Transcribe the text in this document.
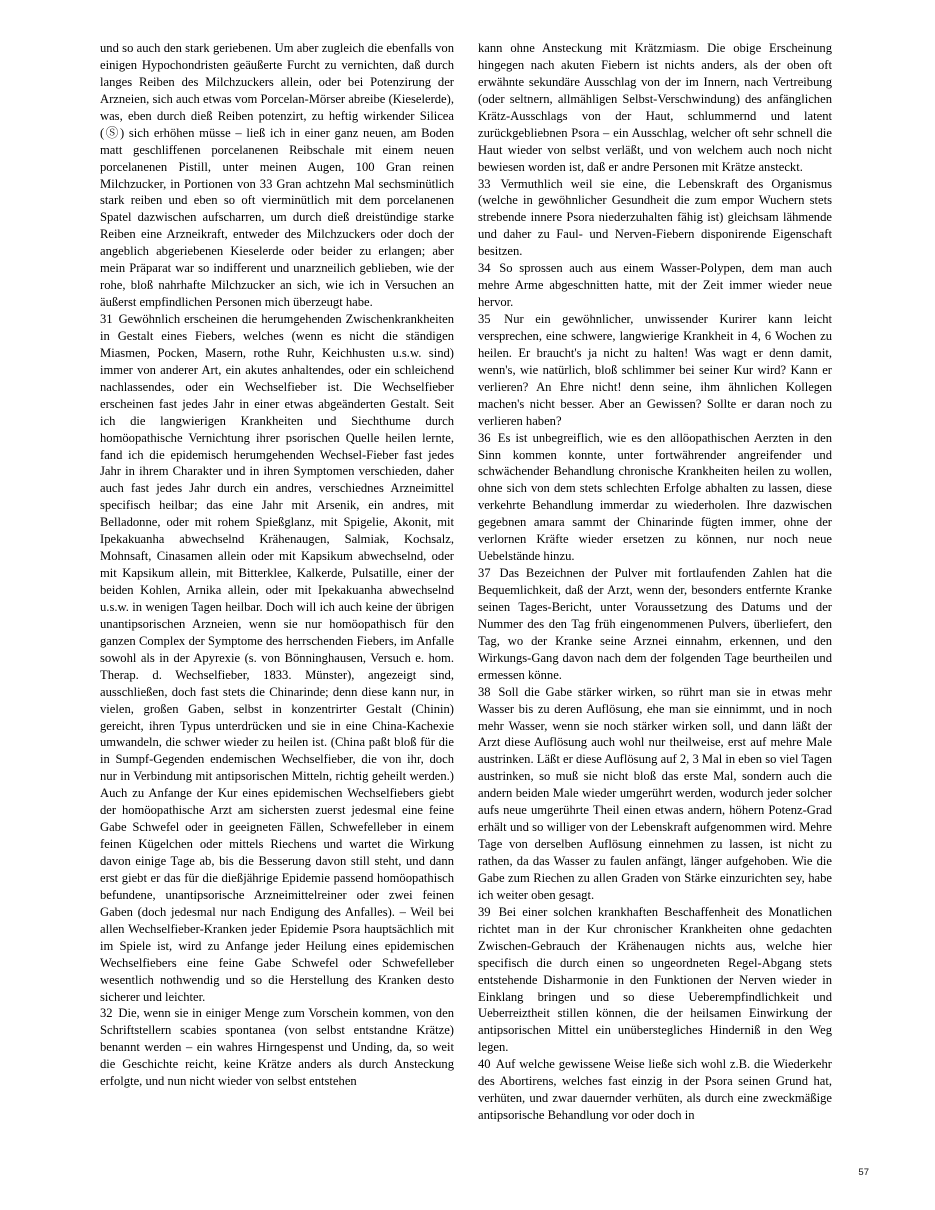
und so auch den stark geriebenen. Um aber zugleich die ebenfalls von einigen Hypochondristen geäußerte Furcht zu vernichten, daß durch langes Reiben des Milchzuckers allein, oder bei Potenzirung der Arzneien, sich auch etwas vom Porcelan-Mörser abreibe (Kieselerde), was, eben durch dieß Reiben potenzirt, zu heftig wirkender Silicea (Ⓢ) sich erhöhen müsse – ließ ich in einer ganz neuen, am Boden matt geschliffenen porcelanenen Reibschale mit einem neuen porcelanenen Pistill, unter meinen Augen, 100 Gran reinen Milchzucker, in Portionen von 33 Gran achtzehn Mal sechsminütlich stark reiben und eben so oft vierminütlich mit dem porcelanenen Spatel dazwischen aufscharren, um durch dieß dreistündige starke Reiben eine Arzneikraft, entweder des Milchzuckers oder doch der angeblich abgeriebenen Kieselerde oder beider zu erlangen; aber mein Präparat war so indifferent und unarzneilich geblieben, wie der rohe, bloß nahrhafte Milchzucker an sich, wie ich in Versuchen an äußerst empfindlichen Personen mich überzeugt habe.

31 Gewöhnlich erscheinen die herumgehenden Zwischenkrankheiten in Gestalt eines Fiebers, welches (wenn es nicht die ständigen Miasmen, Pocken, Masern, rothe Ruhr, Keichhusten u.s.w. sind) immer von anderer Art, ein akutes anhaltendes, oder ein schleichend nachlassendes, oder ein Wechselfieber ist. Die Wechselfieber erscheinen fast jedes Jahr in einer etwas abgeänderten Gestalt. Seit ich die langwierigen Krankheiten und Siechthume durch homöopathische Vernichtung ihrer psorischen Quelle heilen lernte, fand ich die epidemisch herumgehenden Wechsel-Fieber fast jedes Jahr in ihrem Charakter und in ihren Symptomen verschieden, daher auch fast jedes Jahr durch ein andres, verschiednes Arzneimittel specifisch heilbar; das eine Jahr mit Arsenik, ein andres, mit Belladonne, oder mit rohem Spießglanz, mit Spigelie, Akonit, mit Ipekakuanha abwechselnd Krähenaugen, Salmiak, Kochsalz, Mohnsaft, Cinasamen allein oder mit Kapsikum abwechselnd, oder mit Kapsikum allein, mit Bitterklee, Kalkerde, Pulsatille, einer der beiden Kohlen, Arnika allein, oder mit Ipekakuanha abwechselnd u.s.w. in wenigen Tagen heilbar. Doch will ich auch keine der übrigen unantipsorischen Arzneien, wenn sie nur homöopathisch für den ganzen Complex der Symptome des herrschenden Fiebers, im Anfalle sowohl als in der Apyrexie (s. von Bönninghausen, Versuch e. hom. Therap. d. Wechselfieber, 1833. Münster), angezeigt sind, ausschließen, doch fast stets die Chinarinde; denn diese kann nur, in vielen, großen Gaben, selbst in konzentrirter Gestalt (Chinin) gereicht, ihren Typus unterdrücken und sie in eine China-Kachexie umwandeln, die schwer wieder zu heilen ist. (China paßt bloß für die in Sumpf-Gegenden endemischen Wechselfieber, die von ihr, doch nur in Verbindung mit antipsorischen Mitteln, richtig geheilt werden.) Auch zu Anfange der Kur eines epidemischen Wechselfiebers giebt der homöopathische Arzt am sichersten zuerst jedesmal eine feine Gabe Schwefel oder in geeigneten Fällen, Schwefelleber in einem feinen Kügelchen oder mittels Riechens und wartet die Wirkung davon einige Tage ab, bis die Besserung davon still steht, und dann erst giebt er das für die dießjährige Epidemie passend homöopathisch befundene, unantipsorische Arzneimittelreiner oder zwei feinen Gaben (doch jedesmal nur nach Endigung des Anfalles). – Weil bei allen Wechselfieber-Kranken jeder Epidemie Psora hauptsächlich mit im Spiele ist, wird zu Anfange jeder Heilung eines epidemischen Wechselfiebers eine feine Gabe Schwefel oder Schwefelleber wesentlich nothwendig und so die Herstellung des Kranken desto sicherer und leichter.

32 Die, wenn sie in einiger Menge zum Vorschein kommen, von den Schriftstellern scabies spontanea (von selbst entstandne Krätze) benannt werden – ein wahres Hirngespenst und Unding, da, so weit die Geschichte reicht, keine Krätze anders als durch Ansteckung erfolgte, und nun nicht wieder von selbst entstehen

kann ohne Ansteckung mit Krätzmiasm. Die obige Erscheinung hingegen nach akuten Fiebern ist nichts anders, als der oben oft erwähnte sekundäre Ausschlag von der im Innern, nach Vertreibung (oder seltnern, allmähligen Selbst-Verschwindung) des anfänglichen Krätz-Ausschlags von der Haut, schlummernd und latent zurückgebliebnen Psora – ein Ausschlag, welcher oft sehr schnell die Haut wieder von selbst verläßt, und von welchem auch noch nicht bewiesen worden ist, daß er andre Personen mit Krätze ansteckt.

33 Vermuthlich weil sie eine, die Lebenskraft des Organismus (welche in gewöhnlicher Gesundheit die zum empor Wuchern stets strebende innere Psora niederzuhalten fähig ist) gleichsam lähmende und daher zu Faul- und Nerven-Fiebern disponirende Eigenschaft besitzen.

34 So sprossen auch aus einem Wasser-Polypen, dem man auch mehre Arme abgeschnitten hatte, mit der Zeit immer wieder neue hervor.

35 Nur ein gewöhnlicher, unwissender Kurirer kann leicht versprechen, eine schwere, langwierige Krankheit in 4, 6 Wochen zu heilen. Er braucht's ja nicht zu halten! Was wagt er denn damit, wenn's, wie natürlich, bloß schlimmer bei seiner Kur wird? Kann er verlieren? An Ehre nicht! denn seine, ihm ähnlichen Kollegen machen's nicht besser. Aber an Gewissen? Sollte er daran noch zu verlieren haben?

36 Es ist unbegreiflich, wie es den allöopathischen Aerzten in den Sinn kommen konnte, unter fortwährender angreifender und schwächender Behandlung chronische Krankheiten heilen zu wollen, ohne sich von dem stets schlechten Erfolge abhalten zu lassen, diese verkehrte Behandlung immerdar zu wiederholen. Ihre dazwischen gegebnen amara sammt der Chinarinde fügten immer, ohne der verlornen Kräfte wieder ersetzen zu können, nur noch neue Uebelstände hinzu.

37 Das Bezeichnen der Pulver mit fortlaufenden Zahlen hat die Bequemlichkeit, daß der Arzt, wenn der, besonders entfernte Kranke seinen Tages-Bericht, unter Voraussetzung des Datums und der Nummer des den Tag früh eingenommenen Pulvers, überliefert, den Tag, wo der Kranke seine Arznei einnahm, erkennen, und den Wirkungs-Gang davon nach dem der folgenden Tage beurtheilen und ermessen könne.

38 Soll die Gabe stärker wirken, so rührt man sie in etwas mehr Wasser bis zu deren Auflösung, ehe man sie einnimmt, und in noch mehr Wasser, wenn sie noch stärker wirken soll, und dann läßt der Arzt diese Auflösung auch wohl nur theilweise, erst auf mehre Male austrinken. Läßt er diese Auflösung auf 2, 3 Mal in eben so viel Tagen austrinken, so muß sie nicht bloß das erste Mal, sondern auch die andern beiden Male wieder umgerührt werden, wodurch jeder solcher aufs neue umgerührte Theil einen etwas andern, höhern Potenz-Grad erhält und so williger von der Lebenskraft aufgenommen wird. Mehre Tage von derselben Auflösung einnehmen zu lassen, ist nicht zu rathen, da das Wasser zu faulen anfängt, länger aufgehoben. Wie die Gabe zum Riechen zu allen Graden von Stärke einzurichten sey, habe ich weiter oben gesagt.

39 Bei einer solchen krankhaften Beschaffenheit des Monatlichen richtet man in der Kur chronischer Krankheiten ohne gedachten Zwischen-Gebrauch der Krähenaugen nichts aus, welche hier specifisch die durch einen so ungeordneten Regel-Abgang stets entstehende Disharmonie in den Funktionen der Nerven wieder in Einklang bringen und so diese Ueberempfindlichkeit und Ueberreiztheit stillen können, die der heilsamen Einwirkung der antipsorischen Mittel ein unüberstegliches Hinderniß in den Weg legen.

40 Auf welche gewissene Weise ließe sich wohl z.B. die Wiederkehr des Abortirens, welches fast einzig in der Psora seinen Grund hat, verhüten, und zwar dauernder verhüten, als durch eine zweckmäßige antipsorische Behandlung vor oder doch in

57
